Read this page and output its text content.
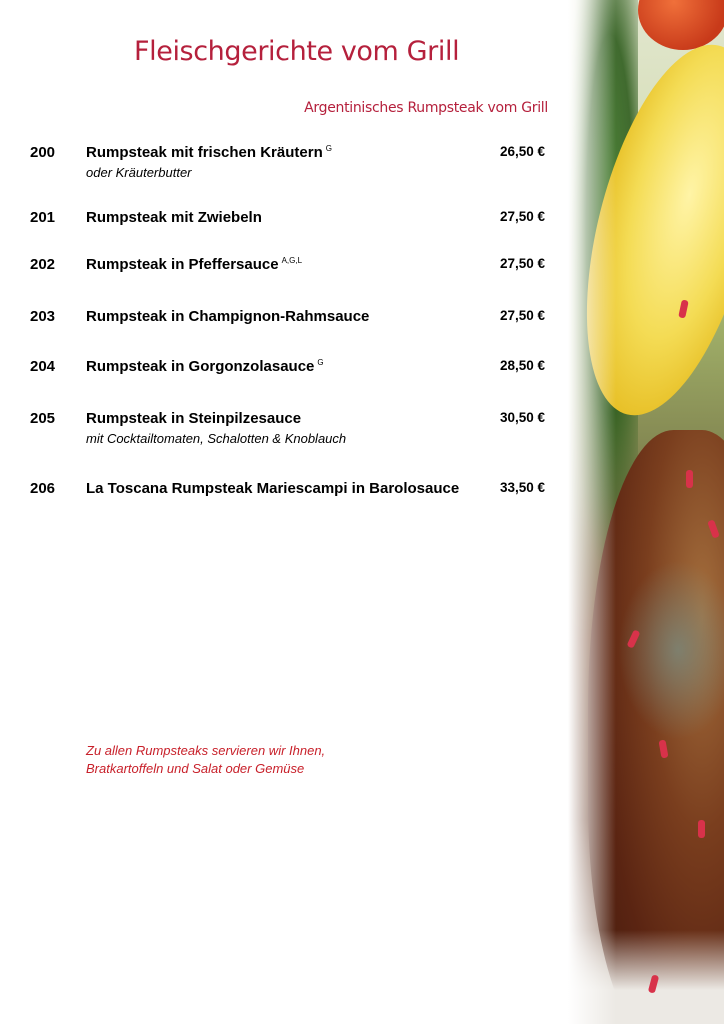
Fleischgerichte vom Grill
Argentinisches Rumpsteak vom Grill
200 Rumpsteak mit frischen Kräutern $^G$
oder Kräuterbutter
26,50 €
201 Rumpsteak mit Zwiebeln	27,50 €
202 Rumpsteak in Pfeffersauce $^{A,G,L}$	27,50 €
203 Rumpsteak in Champignon-Rahmsauce	27,50 €
204 Rumpsteak in Gorgonzolasauce $^G$	28,50 €
205 Rumpsteak in Steinpilzesauce
mit Cocktailtomaten, Schalotten & Knoblauch
30,50 €
206 La Toscana Rumpsteak Mariescampi in Barolosauce	33,50 €
Zu allen Rumpsteaks servieren wir Ihnen,
Bratkartoffeln und Salat oder Gemüse
